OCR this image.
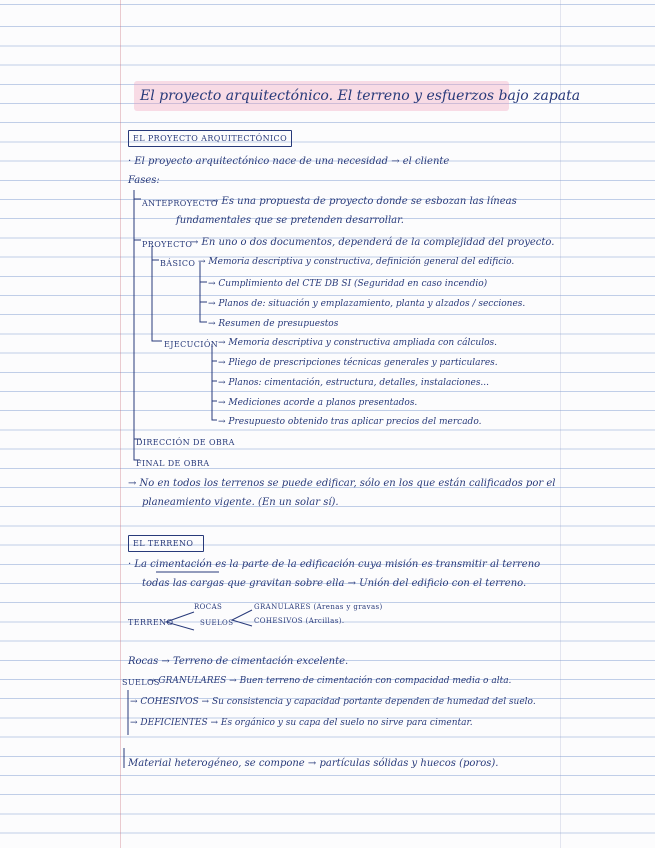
El proyecto arquitectónico. El terreno y esfuerzos bajo zapata
EL PROYECTO ARQUITECTÓNICO
· El proyecto arquitectónico nace de una necesidad → el cliente
Fases:
ANTEPROYECTO
→ Es una propuesta de proyecto donde se esbozan las líneas
fundamentales que se pretenden desarrollar.
PROYECTO
→ En uno o dos documentos, dependerá de la complejidad del proyecto.
BÁSICO → Memoria descriptiva y constructiva, definición general del edificio.
→ Cumplimiento del CTE DB SI (Seguridad en caso incendio)
→ Planos de: situación y emplazamiento, planta y alzados / secciones.
→ Resumen de presupuestos
EJECUCIÓN → Memoria descriptiva y constructiva ampliada con cálculos.
→ Pliego de prescripciones técnicas generales y particulares.
→ Planos: cimentación, estructura, detalles, instalaciones...
→ Mediciones acorde a planos presentados.
→ Presupuesto obtenido tras aplicar precios del mercado.
DIRECCIÓN DE OBRA
FINAL DE OBRA
→ No en todos los terrenos se puede edificar, sólo en los que están calificados por el
planeamiento vigente. (En un solar sí).
EL TERRENO
· La cimentación es la parte de la edificación cuya misión es transmitir al terreno
todas las cargas que gravitan sobre ella → Unión del edificio con el terreno.
TERRENO
ROCAS
SUELOS
GRANULARES (Arenas y gravas)
COHESIVOS (Arcillas).
Rocas → Terreno de cimentación excelente.
SUELOS
→ GRANULARES → Buen terreno de cimentación con compacidad media o alta.
→ COHESIVOS → Su consistencia y capacidad portante dependen de humedad del suelo.
→ DEFICIENTES → Es orgánico y su capa del suelo no sirve para cimentar.
Material heterogéneo, se compone → partículas sólidas y huecos (poros).
